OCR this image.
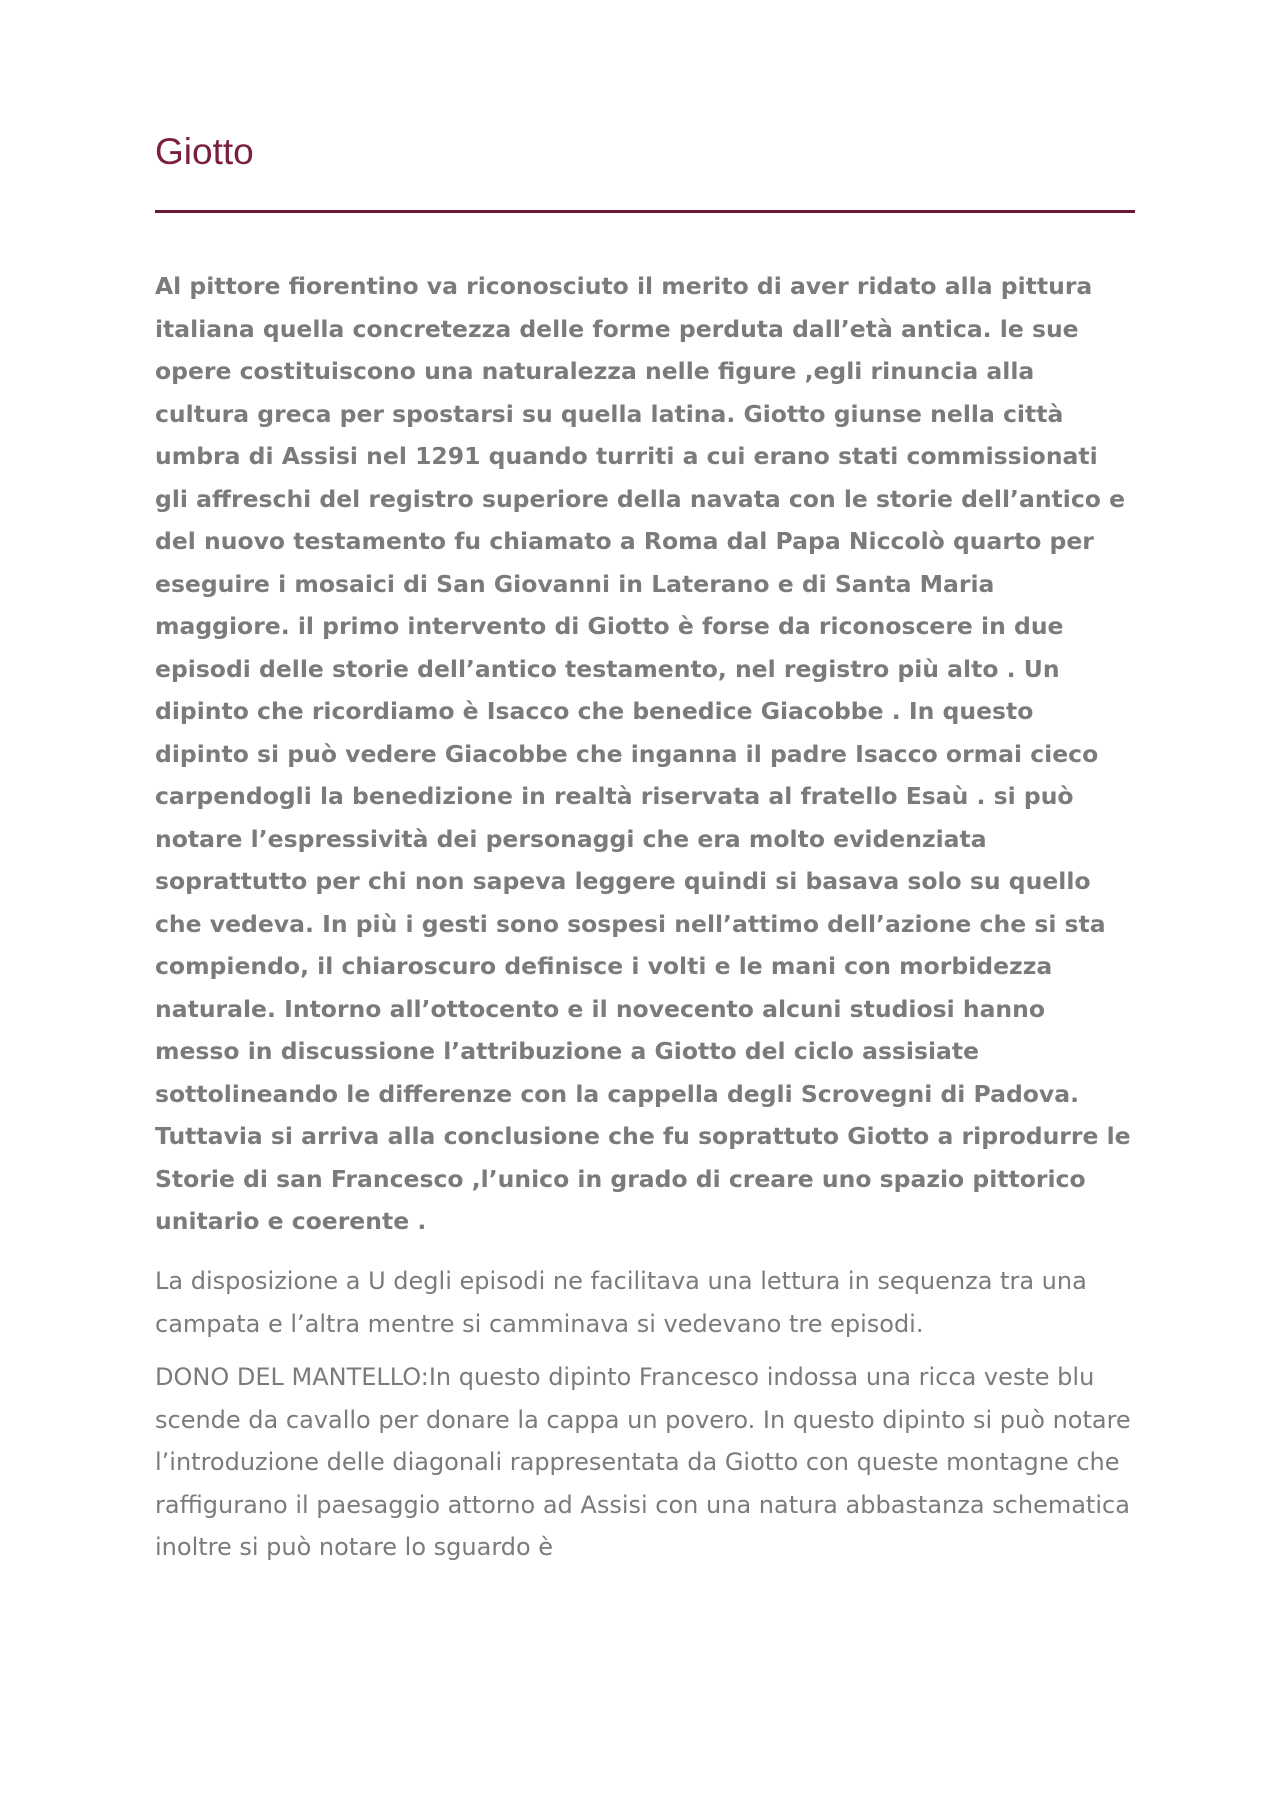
Giotto

Al pittore fiorentino va riconosciuto il merito di aver ridato alla pittura italiana quella concretezza delle forme perduta dall’età antica. le sue opere costituiscono una naturalezza nelle figure ,egli rinuncia alla cultura greca per spostarsi su quella latina. Giotto giunse nella città umbra di Assisi nel 1291 quando turriti a cui erano stati commissionati gli affreschi del registro superiore della navata con le storie dell’antico e del nuovo testamento fu chiamato a Roma dal Papa Niccolò quarto per eseguire i mosaici di San Giovanni in Laterano e di Santa Maria maggiore. il primo intervento di Giotto è forse da riconoscere in due episodi delle storie dell’antico testamento, nel registro più alto . Un dipinto che ricordiamo è Isacco che benedice Giacobbe . In questo dipinto si può vedere Giacobbe che inganna il padre Isacco ormai cieco carpendogli la benedizione in realtà riservata al fratello Esaù . si può notare l’espressività dei personaggi che era molto evidenziata soprattutto per chi non sapeva leggere quindi si basava solo su quello che vedeva. In più i gesti sono sospesi nell’attimo dell’azione che si sta compiendo, il chiaroscuro definisce i volti e le mani con morbidezza naturale. Intorno all’ottocento e il novecento alcuni studiosi hanno messo in discussione l’attribuzione a Giotto del ciclo assisiate sottolineando le differenze con la cappella degli Scrovegni di Padova. Tuttavia si arriva alla conclusione che fu soprattuto Giotto a riprodurre le Storie di san Francesco ,l’unico in grado di creare uno spazio pittorico unitario e coerente .

La disposizione a U degli episodi ne facilitava una lettura in sequenza tra una campata e l’altra mentre si camminava si vedevano tre episodi.

DONO DEL MANTELLO:In questo dipinto Francesco indossa una ricca veste blu scende da cavallo per donare la cappa un povero. In questo dipinto si può notare l’introduzione delle diagonali rappresentata da Giotto con queste montagne che raffigurano il paesaggio attorno ad Assisi con una natura abbastanza schematica inoltre si può notare lo sguardo è
